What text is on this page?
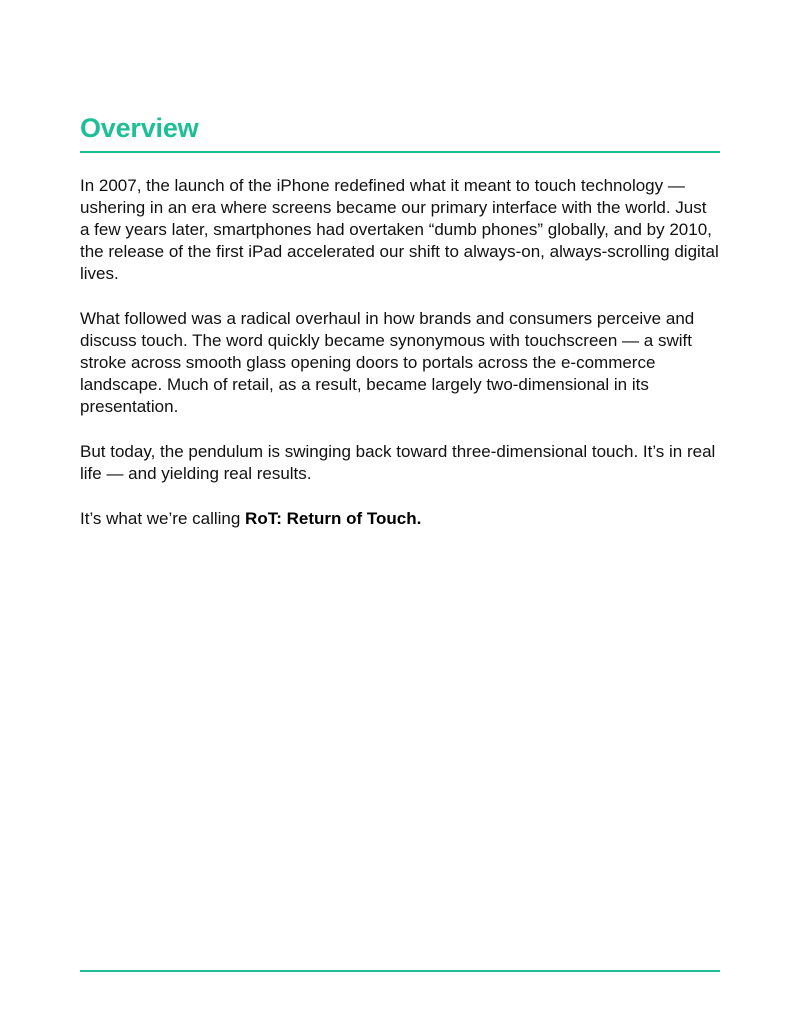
Overview

In 2007, the launch of the iPhone redefined what it meant to touch technology — ushering in an era where screens became our primary interface with the world. Just a few years later, smartphones had overtaken “dumb phones” globally, and by 2010, the release of the first iPad accelerated our shift to always-on, always-scrolling digital lives.

What followed was a radical overhaul in how brands and consumers perceive and discuss touch. The word quickly became synonymous with touchscreen — a swift stroke across smooth glass opening doors to portals across the e-commerce landscape. Much of retail, as a result, became largely two-dimensional in its presentation.

But today, the pendulum is swinging back toward three-dimensional touch. It’s in real life — and yielding real results.

It’s what we’re calling RoT: Return of Touch.
